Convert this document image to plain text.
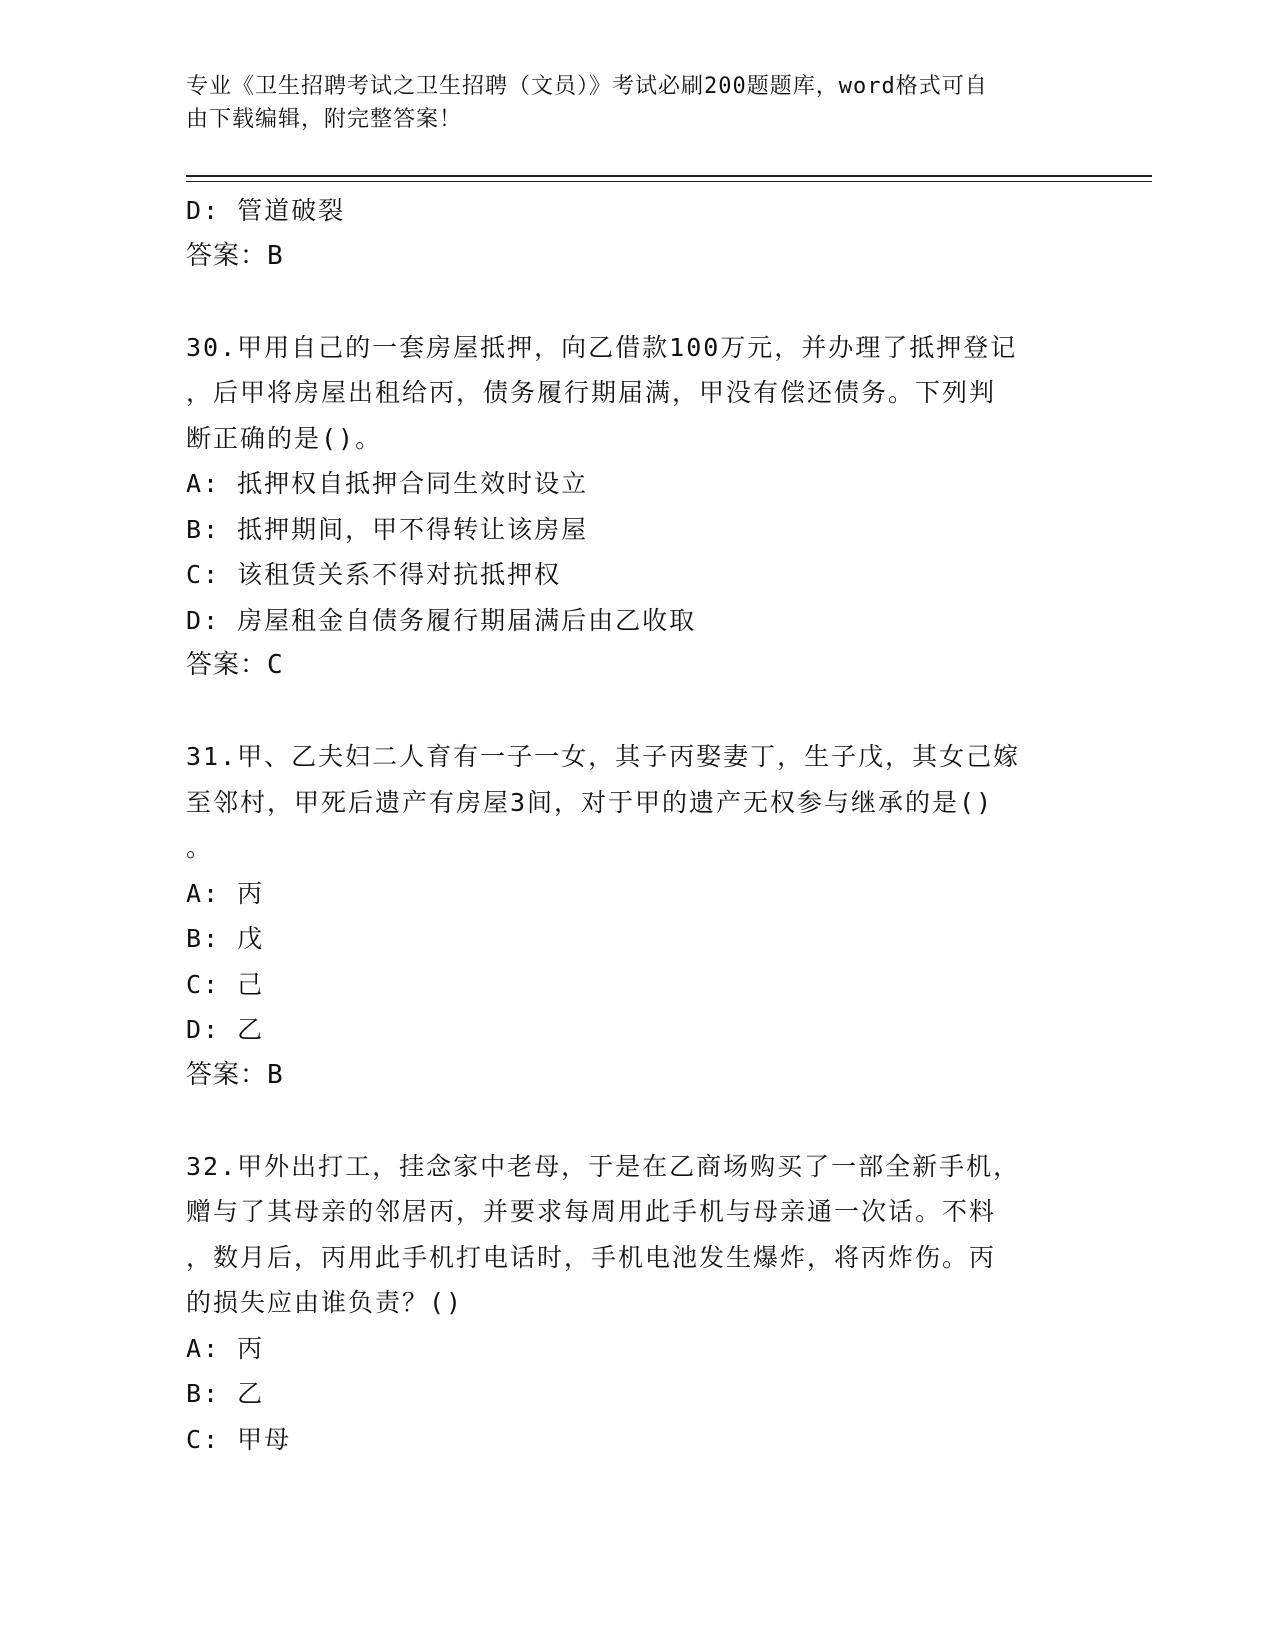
专业《卫生招聘考试之卫生招聘（文员）》考试必刷200题题库，word格式可自
由下载编辑，附完整答案！
D: 管道破裂
答案：B
30.甲用自己的一套房屋抵押，向乙借款100万元，并办理了抵押登记
，后甲将房屋出租给丙，债务履行期届满，甲没有偿还债务。下列判
断正确的是()。
A: 抵押权自抵押合同生效时设立
B: 抵押期间，甲不得转让该房屋
C: 该租赁关系不得对抗抵押权
D: 房屋租金自债务履行期届满后由乙收取
答案：C
31.甲、乙夫妇二人育有一子一女，其子丙娶妻丁，生子戊，其女己嫁
至邻村，甲死后遗产有房屋3间，对于甲的遗产无权参与继承的是()
。
A: 丙
B: 戊
C: 己
D: 乙
答案：B
32.甲外出打工，挂念家中老母，于是在乙商场购买了一部全新手机，
赠与了其母亲的邻居丙，并要求每周用此手机与母亲通一次话。不料
，数月后，丙用此手机打电话时，手机电池发生爆炸，将丙炸伤。丙
的损失应由谁负责？()
A: 丙
B: 乙
C: 甲母
